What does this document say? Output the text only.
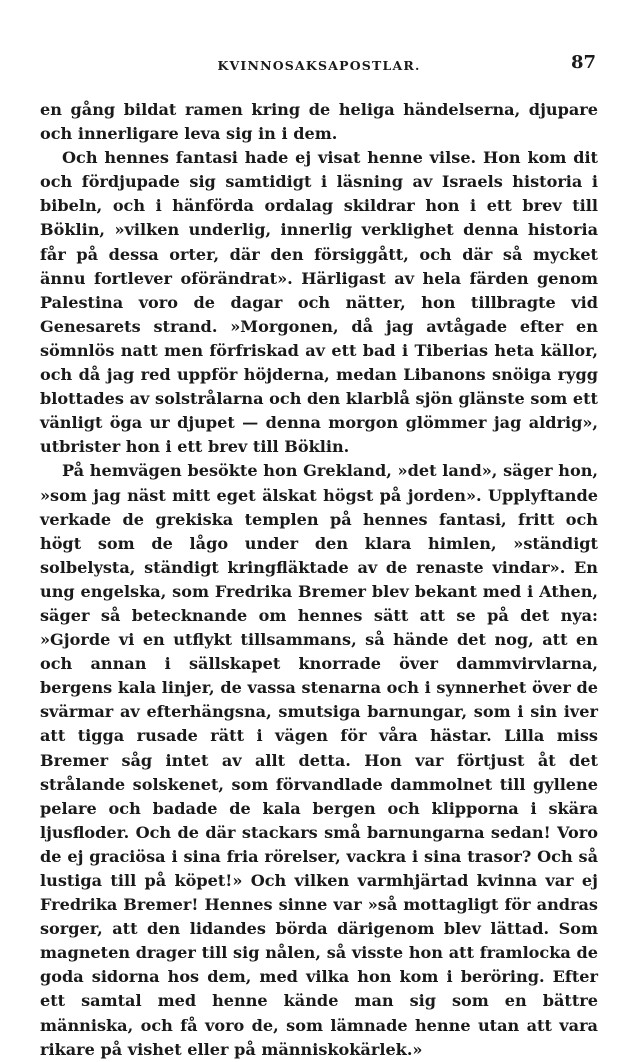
KVINNOSAKSAPOSTLAR.	87

en gång bildat ramen kring de heliga händelserna, djupare och innerligare leva sig in i dem.

Och hennes fantasi hade ej visat henne vilse. Hon kom dit och fördjupade sig samtidigt i läsning av Israels historia i bibeln, och i hänförda ordalag skildrar hon i ett brev till Böklin, »vilken underlig, innerlig verklighet denna historia får på dessa orter, där den försiggått, och där så mycket ännu fortlever oförändrat». Härligast av hela färden genom Palestina voro de dagar och nätter, hon tillbragte vid Genesarets strand. »Morgonen, då jag avtågade efter en sömnlös natt men förfriskad av ett bad i Tiberias heta källor, och då jag red uppför höjderna, medan Libanons snöiga rygg blottades av solstrålarna och den klarblå sjön glänste som ett vänligt öga ur djupet — denna morgon glömmer jag aldrig», utbrister hon i ett brev till Böklin.

På hemvägen besökte hon Grekland, »det land», säger hon, »som jag näst mitt eget älskat högst på jorden». Upplyftande verkade de grekiska templen på hennes fantasi, fritt och högt som de lågo under den klara himlen, »ständigt solbelysta, ständigt kringfläktade av de renaste vindar». En ung engelska, som Fredrika Bremer blev bekant med i Athen, säger så betecknande om hennes sätt att se på det nya: »Gjorde vi en utflykt tillsammans, så hände det nog, att en och annan i sällskapet knorrade över dammvirvlarna, bergens kala linjer, de vassa stenarna och i synnerhet över de svärmar av efterhängsna, smutsiga barnungar, som i sin iver att tigga rusade rätt i vägen för våra hästar. Lilla miss Bremer såg intet av allt detta. Hon var förtjust åt det strålande solskenet, som förvandlade dammolnet till gyllene pelare och badade de kala bergen och klipporna i skära ljusfloder. Och de där stackars små barnungarna sedan! Voro de ej graciösa i sina fria rörelser, vackra i sina trasor? Och så lustiga till på köpet!» Och vilken varmhjärtad kvinna var ej Fredrika Bremer! Hennes sinne var »så mottagligt för andras sorger, att den lidandes börda därigenom blev lättad. Som magneten drager till sig nålen, så visste hon att framlocka de goda sidorna hos dem, med vilka hon kom i beröring. Efter ett samtal med henne kände man sig som en bättre människa, och få voro de, som lämnade henne utan att vara rikare på vishet eller på människokärlek.»
